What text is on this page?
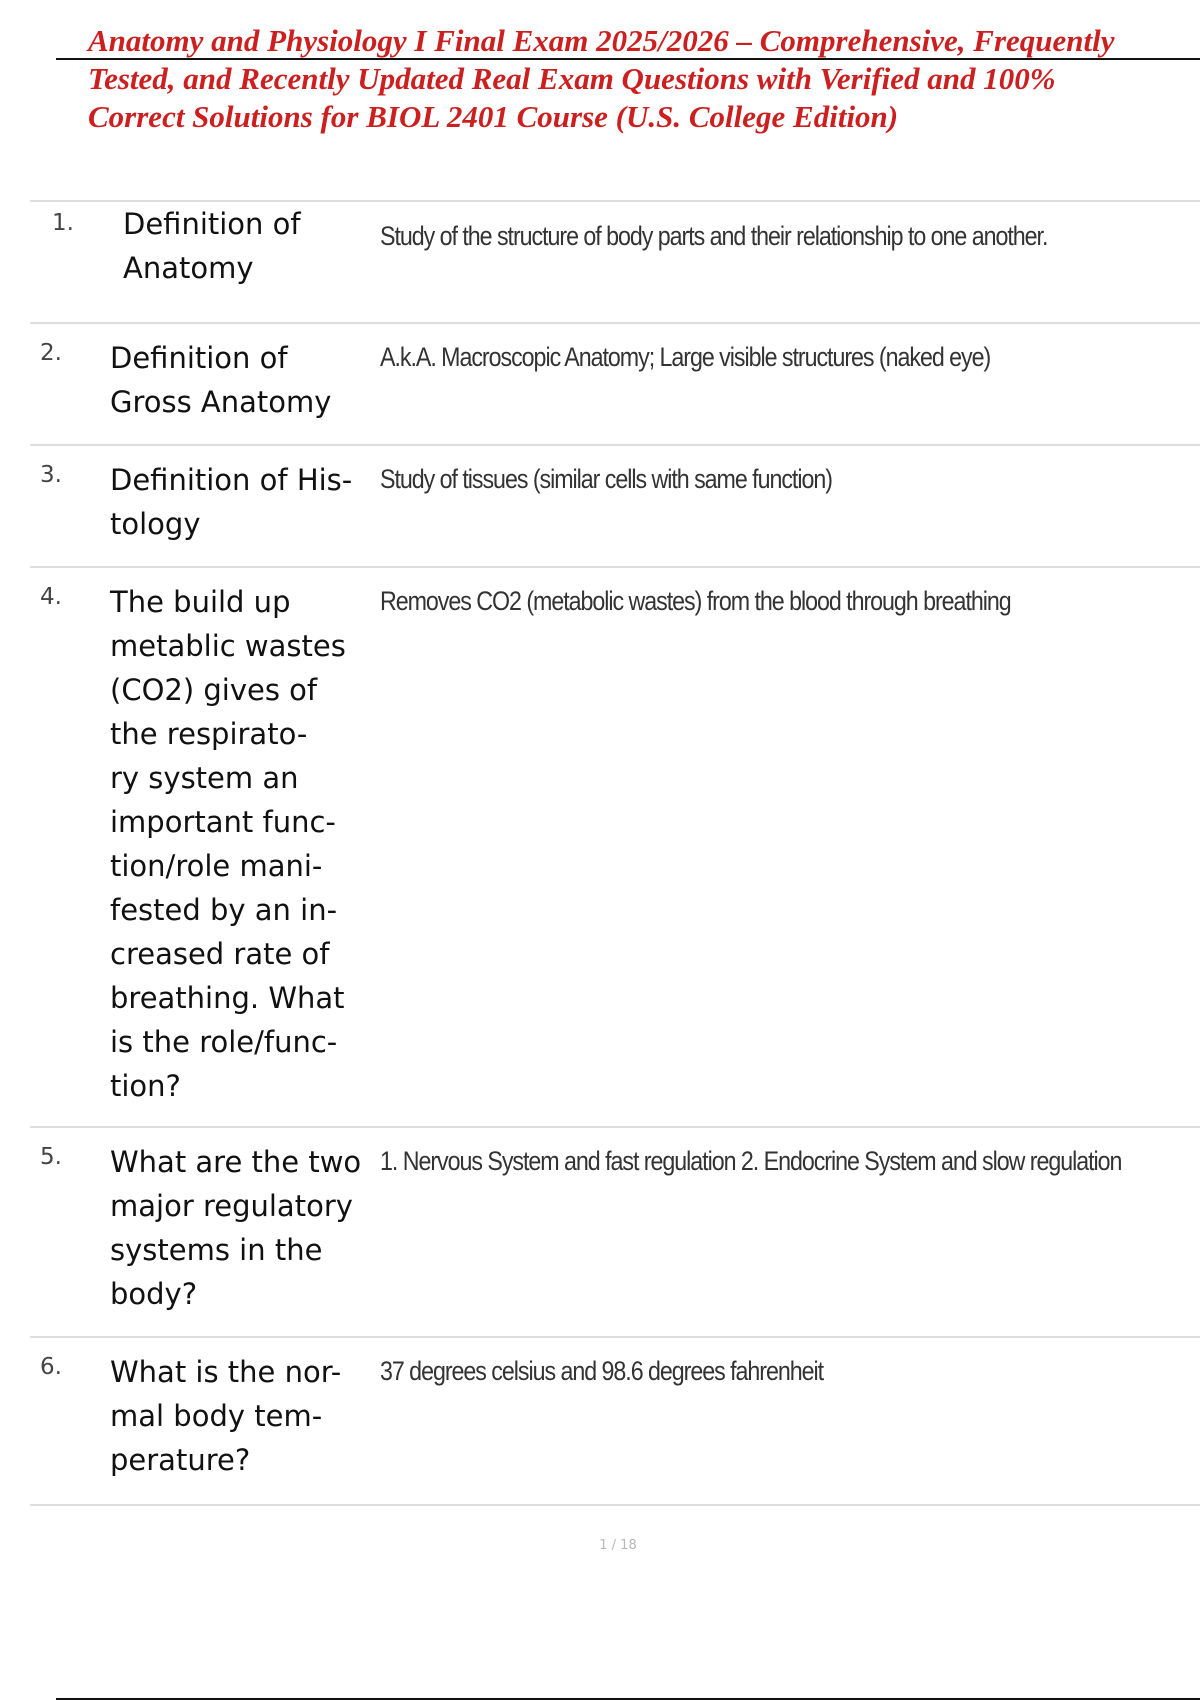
Anatomy and Physiology I Final Exam 2025/2026 – Comprehensive, Frequently
Tested, and Recently Updated Real Exam Questions with Verified and 100%
Correct Solutions for BIOL 2401 Course (U.S. College Edition)
1. Definition of
Anatomy
Study of the structure of body parts and their relationship to one another.
2. Definition of
Gross Anatomy
A.k.A. Macroscopic Anatomy; Large visible structures (naked eye)
3. Definition of His-
tology
Study of tissues (similar cells with same function)
4. The build up
metablic wastes
(CO2) gives of
the respirato-
ry system an
important func-
tion/role mani-
fested by an in-
creased rate of
breathing. What
is the role/func-
tion?
Removes CO2 (metabolic wastes) from the blood through breathing
5. What are the two
major regulatory
systems in the
body?
1. Nervous System and fast regulation 2. Endocrine System and slow regulation
6. What is the nor-
mal body tem-
perature?
37 degrees celsius and 98.6 degrees fahrenheit
1 / 18
